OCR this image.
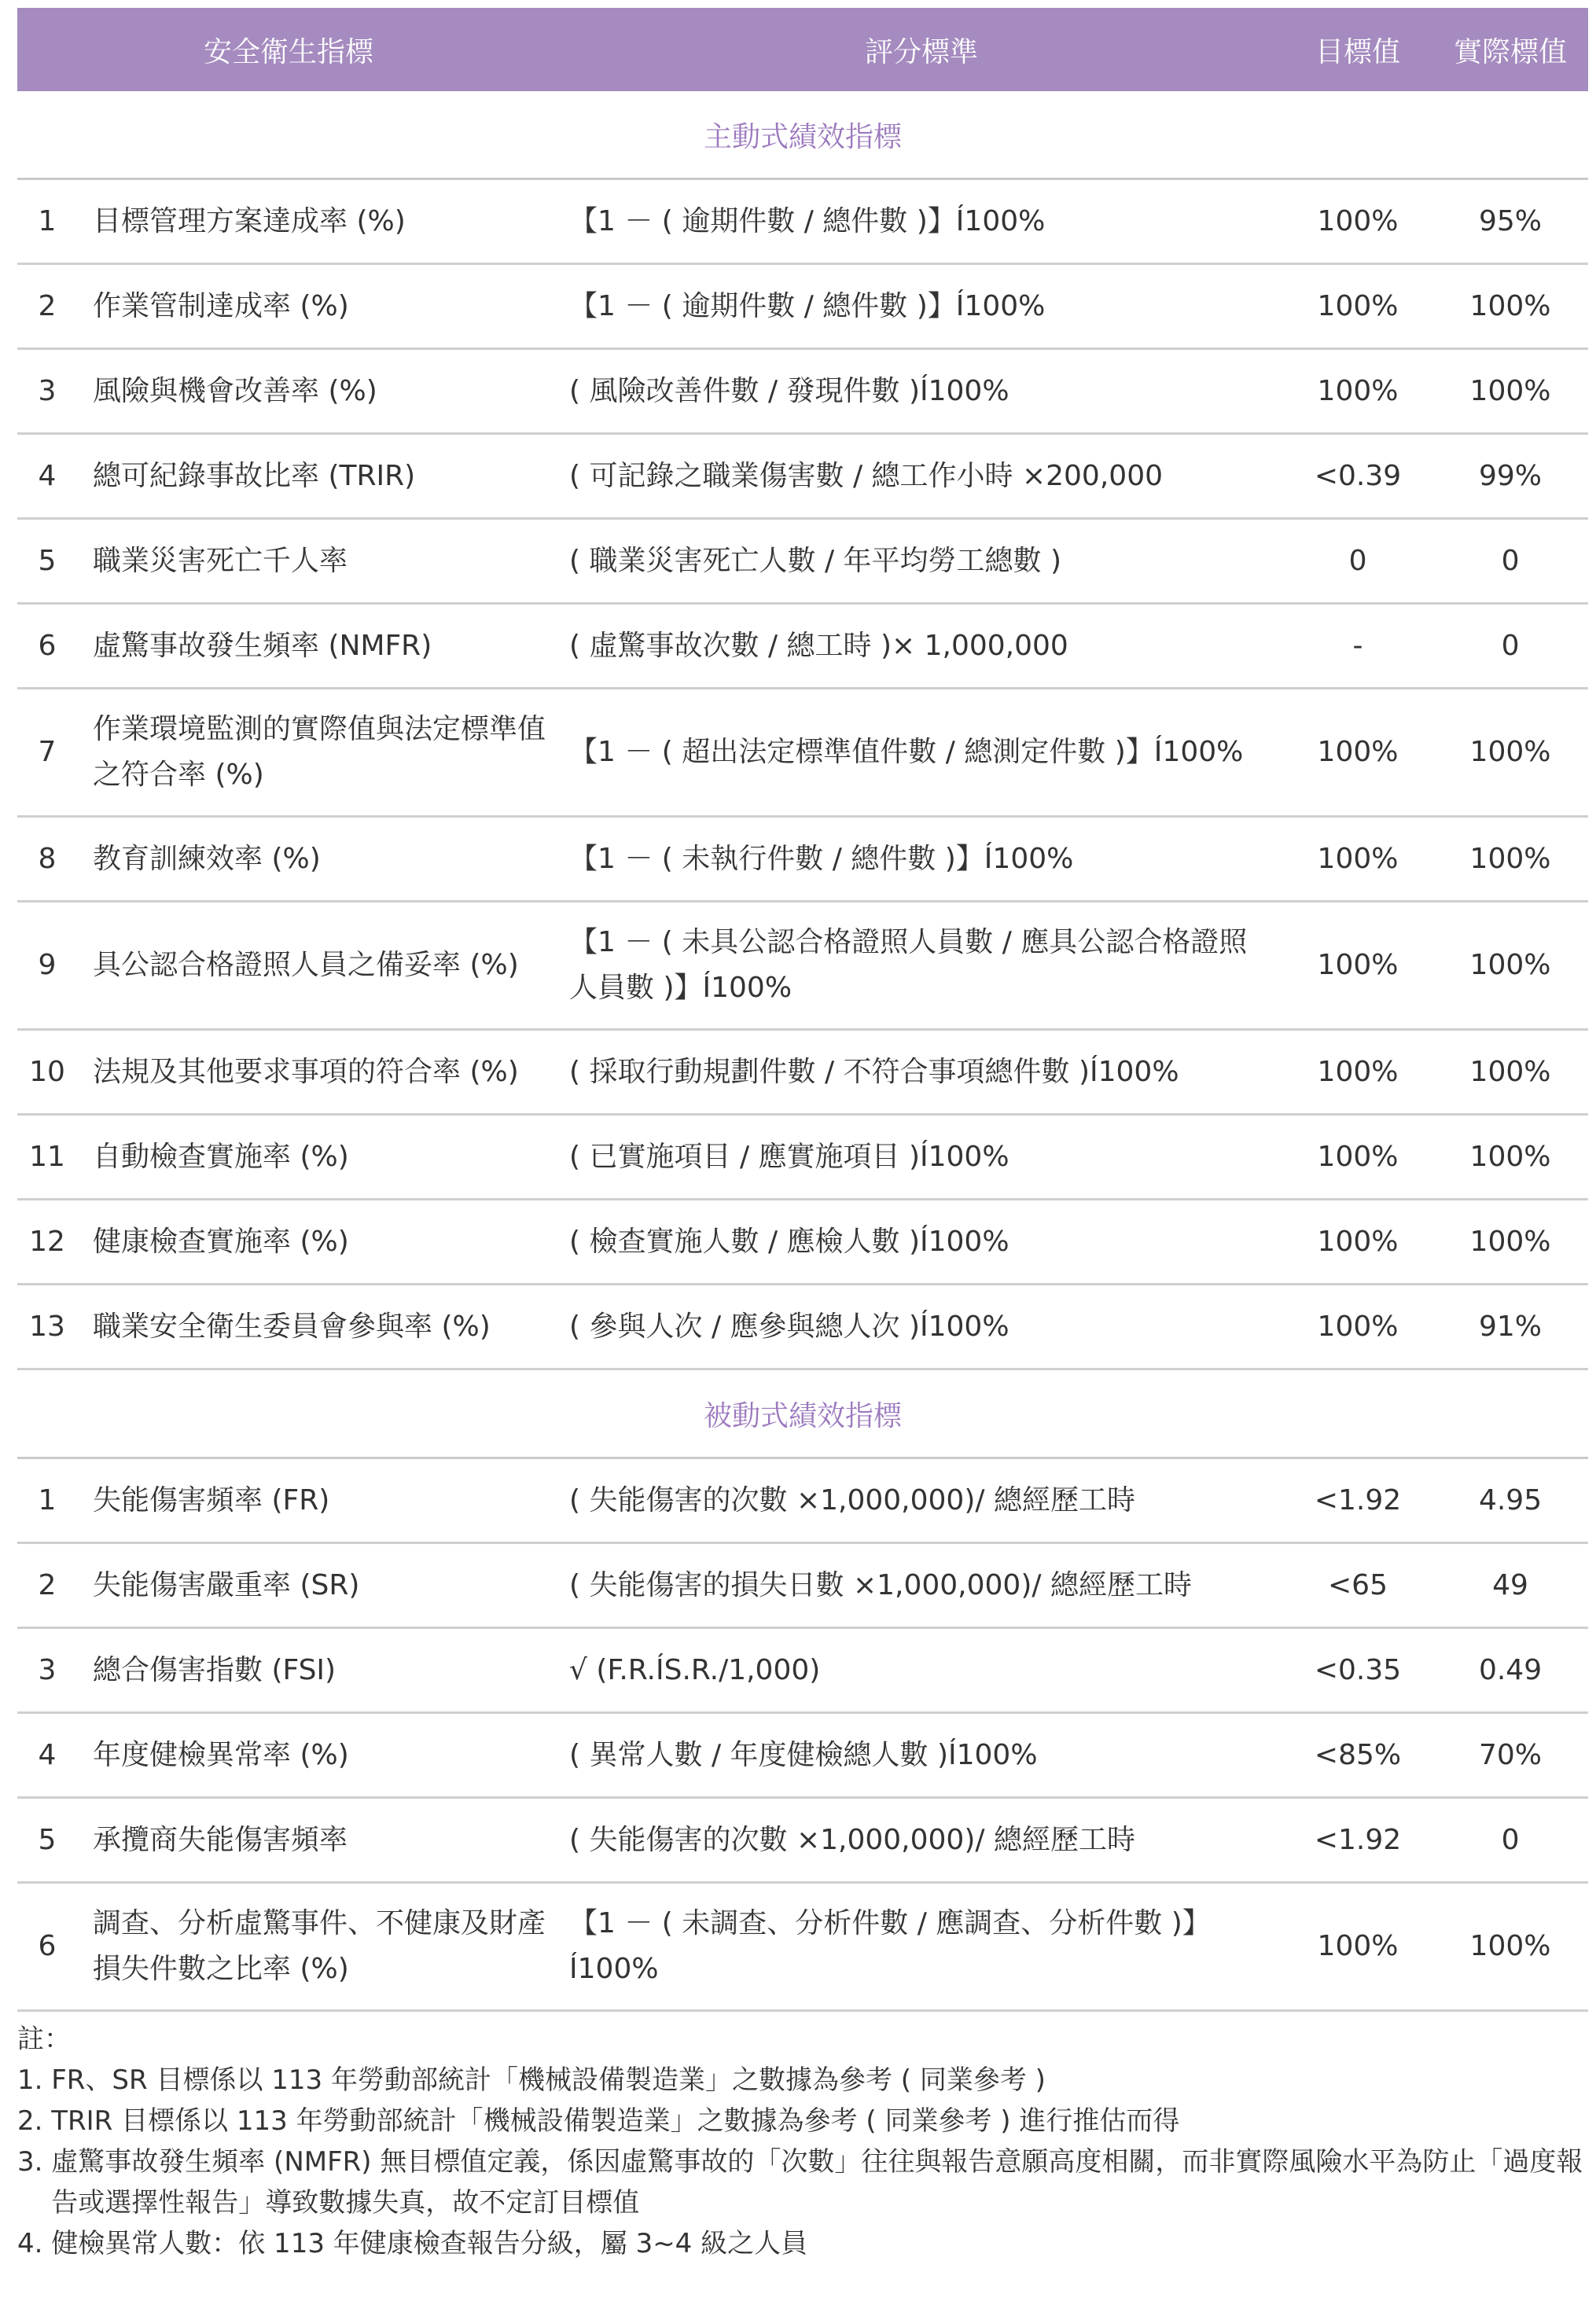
安全衛生指標		評分標準	目標值	實際標值
主動式績效指標				
1	目標管理方案達成率 (%)	【1 － ( 逾期件數 / 總件數 )】Í100%	100%	95%
2	作業管制達成率 (%)	【1 － ( 逾期件數 / 總件數 )】Í100%	100%	100%
3	風險與機會改善率 (%)	( 風險改善件數 / 發現件數 )Í100%	100%	100%
4	總可紀錄事故比率 (TRIR)	( 可記錄之職業傷害數 / 總工作小時 ×200,000	<0.39	99%
5	職業災害死亡千人率	( 職業災害死亡人數 / 年平均勞工總數 )	0	0
6	虛驚事故發生頻率 (NMFR)	( 虛驚事故次數 / 總工時 )× 1,000,000	-	0
7	作業環境監測的實際值與法定標準值之符合率 (%)	【1 － ( 超出法定標準值件數 / 總測定件數 )】Í100%	100%	100%
8	教育訓練效率 (%)	【1 － ( 未執行件數 / 總件數 )】Í100%	100%	100%
9	具公認合格證照人員之備妥率 (%)	【1 － ( 未具公認合格證照人員數 / 應具公認合格證照人員數 )】Í100%	100%	100%
10	法規及其他要求事項的符合率 (%)	( 採取行動規劃件數 / 不符合事項總件數 )Í100%	100%	100%
11	自動檢查實施率 (%)	( 已實施項目 / 應實施項目 )Í100%	100%	100%
12	健康檢查實施率 (%)	( 檢查實施人數 / 應檢人數 )Í100%	100%	100%
13	職業安全衛生委員會參與率 (%)	( 參與人次 / 應參與總人次 )Í100%	100%	91%
被動式績效指標				
1	失能傷害頻率 (FR)	( 失能傷害的次數 ×1,000,000)/ 總經歷工時	<1.92	4.95
2	失能傷害嚴重率 (SR)	( 失能傷害的損失日數 ×1,000,000)/ 總經歷工時	<65	49
3	總合傷害指數 (FSI)	√ (F.R.ÍS.R./1,000)	<0.35	0.49
4	年度健檢異常率 (%)	( 異常人數 / 年度健檢總人數 )Í100%	<85%	70%
5	承攬商失能傷害頻率	( 失能傷害的次數 ×1,000,000)/ 總經歷工時	<1.92	0
6	調查、分析虛驚事件、不健康及財產損失件數之比率 (%)	【1 － ( 未調查、分析件數 / 應調查、分析件數 )】Í100%	100%	100%
註：
1. FR、SR 目標係以 113 年勞動部統計「機械設備製造業」之數據為參考 ( 同業參考 )
2. TRIR 目標係以 113 年勞動部統計「機械設備製造業」之數據為參考 ( 同業參考 ) 進行推估而得
3. 虛驚事故發生頻率 (NMFR) 無目標值定義，係因虛驚事故的「次數」往往與報告意願高度相關，而非實際風險水平為防止「過度報告或選擇性報告」導致數據失真，故不定訂目標值
4. 健檢異常人數：依 113 年健康檢查報告分級，屬 3~4 級之人員
